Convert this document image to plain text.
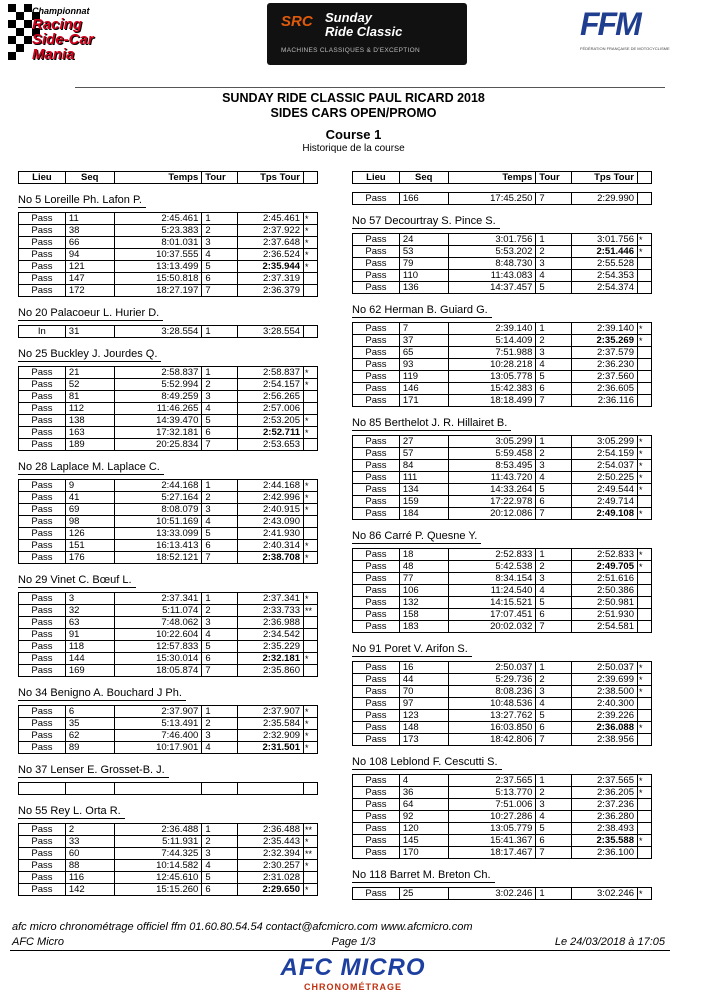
Championnat
Racing
Side-Car
Mania
SRC Sunday
Ride Classic
MACHINES CLASSIQUES & D'EXCEPTION
FFM
FÉDÉRATION FRANÇAISE DE MOTOCYCLISME
SUNDAY RIDE CLASSIC PAUL RICARD 2018
SIDES CARS OPEN/PROMO
Course 1
Historique de la course
Lieu	Seq	Temps	Tour	Tps Tour	
No 5 Loreille Ph. Lafon P.
Pass	11	2:45.461	1	2:45.461	*
Pass	38	5:23.383	2	2:37.922	*
Pass	66	8:01.031	3	2:37.648	*
Pass	94	10:37.555	4	2:36.524	*
Pass	121	13:13.499	5	2:35.944	*
Pass	147	15:50.818	6	2:37.319	
Pass	172	18:27.197	7	2:36.379	
No 20 Palacoeur L. Hurier D.
In	31	3:28.554	1	3:28.554	
No 25 Buckley J. Jourdes Q.
Pass	21	2:58.837	1	2:58.837	*
Pass	52	5:52.994	2	2:54.157	*
Pass	81	8:49.259	3	2:56.265	
Pass	112	11:46.265	4	2:57.006	
Pass	138	14:39.470	5	2:53.205	*
Pass	163	17:32.181	6	2:52.711	*
Pass	189	20:25.834	7	2:53.653	
No 28 Laplace M. Laplace C.
Pass	9	2:44.168	1	2:44.168	*
Pass	41	5:27.164	2	2:42.996	*
Pass	69	8:08.079	3	2:40.915	*
Pass	98	10:51.169	4	2:43.090	
Pass	126	13:33.099	5	2:41.930	
Pass	151	16:13.413	6	2:40.314	*
Pass	176	18:52.121	7	2:38.708	*
No 29 Vinet C. Bœuf L.
Pass	3	2:37.341	1	2:37.341	*
Pass	32	5:11.074	2	2:33.733	**
Pass	63	7:48.062	3	2:36.988	
Pass	91	10:22.604	4	2:34.542	
Pass	118	12:57.833	5	2:35.229	
Pass	144	15:30.014	6	2:32.181	*
Pass	169	18:05.874	7	2:35.860	
No 34 Benigno A. Bouchard J Ph.
Pass	6	2:37.907	1	2:37.907	*
Pass	35	5:13.491	2	2:35.584	*
Pass	62	7:46.400	3	2:32.909	*
Pass	89	10:17.901	4	2:31.501	*
No 37 Lenser E. Grosset-B. J.

No 55 Rey L. Orta R.
Pass	2	2:36.488	1	2:36.488	**
Pass	33	5:11.931	2	2:35.443	*
Pass	60	7:44.325	3	2:32.394	**
Pass	88	10:14.582	4	2:30.257	*
Pass	116	12:45.610	5	2:31.028	
Pass	142	15:15.260	6	2:29.650	*
Lieu	Seq	Temps	Tour	Tps Tour	
Pass	166	17:45.250	7	2:29.990	
No 57 Decourtray S. Pince S.
Pass	24	3:01.756	1	3:01.756	*
Pass	53	5:53.202	2	2:51.446	*
Pass	79	8:48.730	3	2:55.528	
Pass	110	11:43.083	4	2:54.353	
Pass	136	14:37.457	5	2:54.374	
No 62 Herman B. Guiard G.
Pass	7	2:39.140	1	2:39.140	*
Pass	37	5:14.409	2	2:35.269	*
Pass	65	7:51.988	3	2:37.579	
Pass	93	10:28.218	4	2:36.230	
Pass	119	13:05.778	5	2:37.560	
Pass	146	15:42.383	6	2:36.605	
Pass	171	18:18.499	7	2:36.116	
No 85 Berthelot J. R. Hillairet B.
Pass	27	3:05.299	1	3:05.299	*
Pass	57	5:59.458	2	2:54.159	*
Pass	84	8:53.495	3	2:54.037	*
Pass	111	11:43.720	4	2:50.225	*
Pass	134	14:33.264	5	2:49.544	*
Pass	159	17:22.978	6	2:49.714	
Pass	184	20:12.086	7	2:49.108	*
No 86 Carré P. Quesne Y.
Pass	18	2:52.833	1	2:52.833	*
Pass	48	5:42.538	2	2:49.705	*
Pass	77	8:34.154	3	2:51.616	
Pass	106	11:24.540	4	2:50.386	
Pass	132	14:15.521	5	2:50.981	
Pass	158	17:07.451	6	2:51.930	
Pass	183	20:02.032	7	2:54.581	
No 91 Poret V. Arifon S.
Pass	16	2:50.037	1	2:50.037	*
Pass	44	5:29.736	2	2:39.699	*
Pass	70	8:08.236	3	2:38.500	*
Pass	97	10:48.536	4	2:40.300	
Pass	123	13:27.762	5	2:39.226	
Pass	148	16:03.850	6	2:36.088	*
Pass	173	18:42.806	7	2:38.956	
No 108 Leblond F. Cescutti S.
Pass	4	2:37.565	1	2:37.565	*
Pass	36	5:13.770	2	2:36.205	*
Pass	64	7:51.006	3	2:37.236	
Pass	92	10:27.286	4	2:36.280	
Pass	120	13:05.779	5	2:38.493	
Pass	145	15:41.367	6	2:35.588	*
Pass	170	18:17.467	7	2:36.100	
No 118 Barret M. Breton Ch.
Pass	25	3:02.246	1	3:02.246	*
afc micro chronométrage officiel ffm 01.60.80.54.54 contact@afcmicro.com www.afcmicro.com
AFC Micro	Page 1/3	Le 24/03/2018 à 17:05
AFC MICRO
CHRONOMÉTRAGE
